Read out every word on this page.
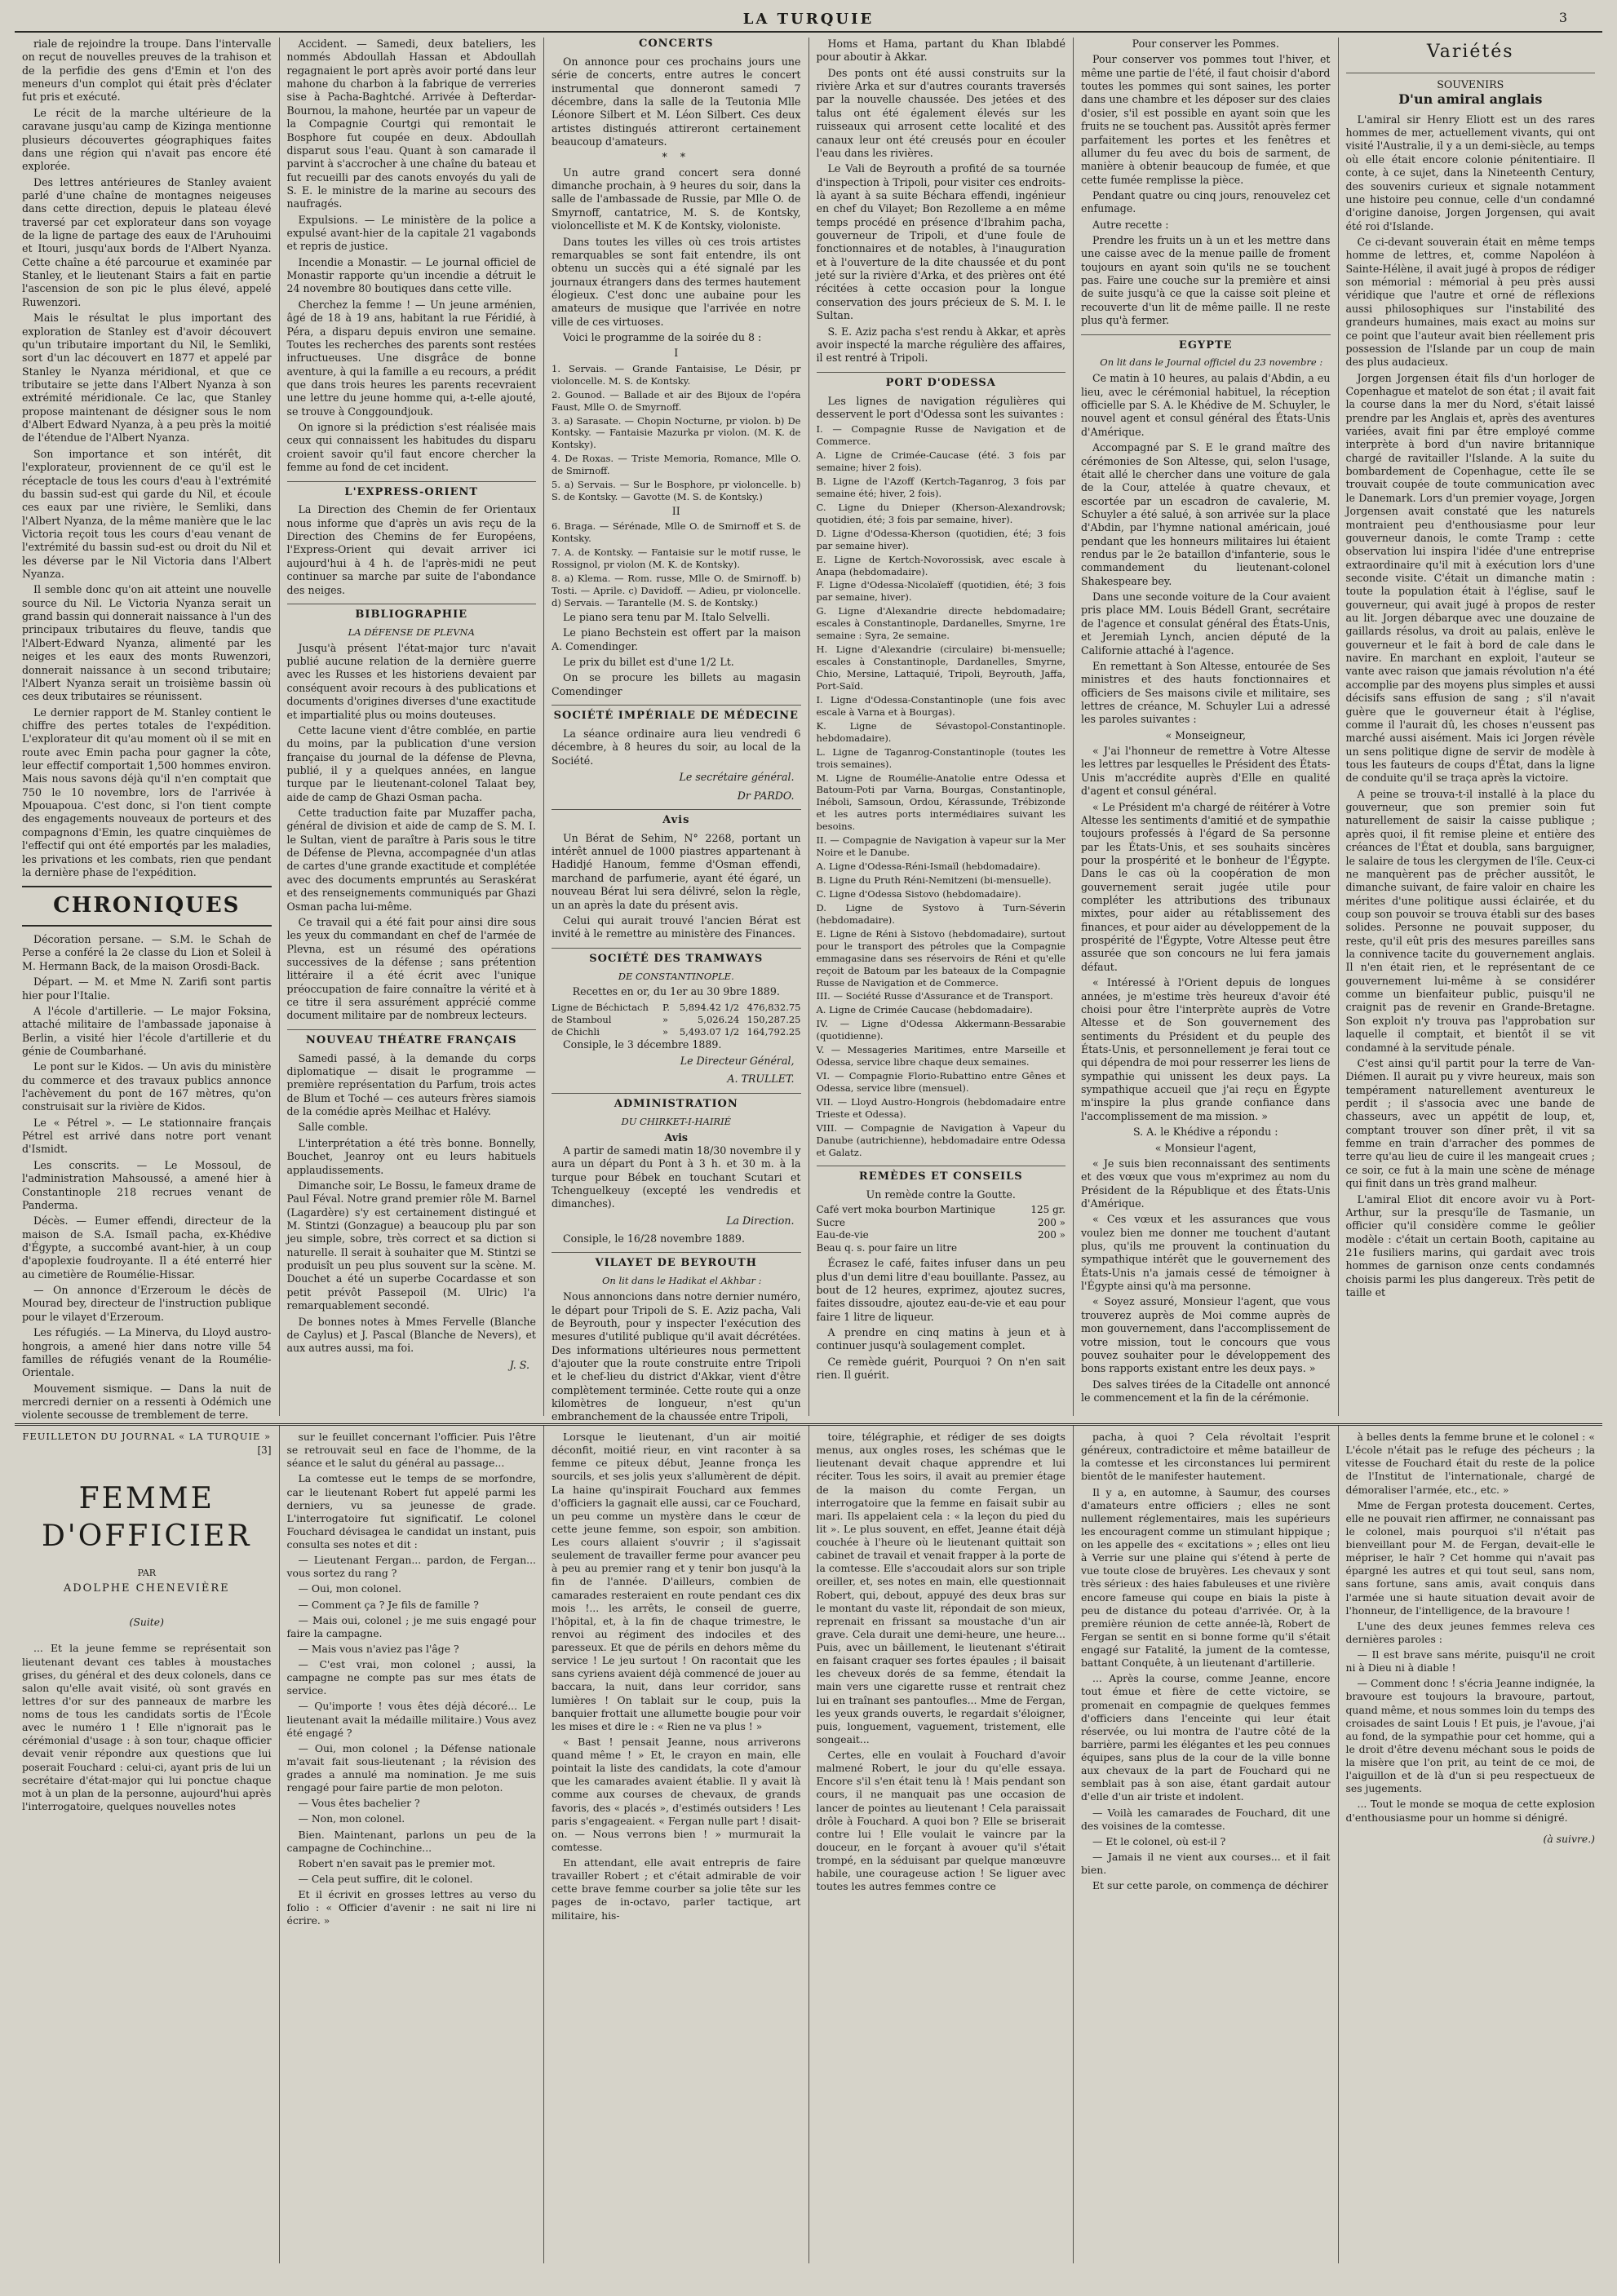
LA TURQUIE	3

riale de rejoindre la troupe. Dans l'intervalle on reçut de nouvelles preuves de la trahison et de la perfidie des gens d'Emin et l'on des meneurs d'un complot qui était près d'éclater fut pris et exécuté.

Le récit de la marche ultérieure de la caravane jusqu'au camp de Kizinga mentionne plusieurs découvertes géographiques faites dans une région qui n'avait pas encore été explorée.

Des lettres antérieures de Stanley avaient parlé d'une chaîne de montagnes neigeuses dans cette direction, depuis le plateau élevé traversé par cet explorateur dans son voyage de la ligne de partage des eaux de l'Aruhouimi et Itouri, jusqu'aux bords de l'Albert Nyanza. Cette chaîne a été parcourue et examinée par Stanley, et le lieutenant Stairs a fait en partie l'ascension de son pic le plus élevé, appelé Ruwenzori.

Mais le résultat le plus important des exploration de Stanley est d'avoir découvert qu'un tributaire important du Nil, le Semliki, sort d'un lac découvert en 1877 et appelé par Stanley le Nyanza méridional, et que ce tributaire se jette dans l'Albert Nyanza à son extrémité méridionale. Ce lac, que Stanley propose maintenant de désigner sous le nom d'Albert Edward Nyanza, à a peu près la moitié de l'étendue de l'Albert Nyanza.

Son importance et son intérêt, dit l'explorateur, proviennent de ce qu'il est le réceptacle de tous les cours d'eau à l'extrémité du bassin sud-est qui garde du Nil, et écoule ces eaux par une rivière, le Semliki, dans l'Albert Nyanza, de la même manière que le lac Victoria reçoit tous les cours d'eau venant de l'extrémité du bassin sud-est ou droit du Nil et les déverse par le Nil Victoria dans l'Albert Nyanza.

Il semble donc qu'on ait atteint une nouvelle source du Nil. Le Victoria Nyanza serait un grand bassin qui donnerait naissance à l'un des principaux tributaires du fleuve, tandis que l'Albert-Edward Nyanza, alimenté par les neiges et les eaux des monts Ruwenzori, donnerait naissance à un second tributaire; l'Albert Nyanza serait un troisième bassin où ces deux tributaires se réunissent.

Le dernier rapport de M. Stanley contient le chiffre des pertes totales de l'expédition. L'explorateur dit qu'au moment où il se mit en route avec Emin pacha pour gagner la côte, leur effectif comportait 1,500 hommes environ. Mais nous savons déjà qu'il n'en comptait que 750 le 10 novembre, lors de l'arrivée à Mpouapoua. C'est donc, si l'on tient compte des engagements nouveaux de porteurs et des compagnons d'Emin, les quatre cinquièmes de l'effectif qui ont été emportés par les maladies, les privations et les combats, rien que pendant la dernière phase de l'expédition.

CHRONIQUES

Décoration persane. — S.M. le Schah de Perse a conféré la 2e classe du Lion et Soleil à M. Hermann Back, de la maison Orosdi-Back.

Départ. — M. et Mme N. Zarifi sont partis hier pour l'Italie.

A l'école d'artillerie. — Le major Foksina, attaché militaire de l'ambassade japonaise à Berlin, a visité hier l'école d'artillerie et du génie de Coumbarhané.

Le pont sur le Kidos. — Un avis du ministère du commerce et des travaux publics annonce l'achèvement du pont de 167 mètres, qu'on construisait sur la rivière de Kidos.

Le « Pétrel ». — Le stationnaire français Pétrel est arrivé dans notre port venant d'Ismidt.

Les conscrits. — Le Mossoul, de l'administration Mahsoussé, a amené hier à Constantinople 218 recrues venant de Panderma.

Décès. — Eumer effendi, directeur de la maison de S.A. Ismaïl pacha, ex-Khédive d'Égypte, a succombé avant-hier, à un coup d'apoplexie foudroyante. Il a été enterré hier au cimetière de Roumélie-Hissar.

— On annonce d'Erzeroum le décès de Mourad bey, directeur de l'instruction publique pour le vilayet d'Erzeroum.

Les réfugiés. — La Minerva, du Lloyd austro-hongrois, a amené hier dans notre ville 54 familles de réfugiés venant de la Roumélie-Orientale.

Mouvement sismique. — Dans la nuit de mercredi dernier on a ressenti à Odémich une violente secousse de tremblement de terre.

Accident. — Samedi, deux bateliers, les nommés Abdoullah Hassan et Abdoullah regagnaient le port après avoir porté dans leur mahone du charbon à la fabrique de verreries sise à Pacha-Baghtché. Arrivée à Defterdar-Bournou, la mahone, heurtée par un vapeur de la Compagnie Courtgi qui remontait le Bosphore fut coupée en deux. Abdoullah disparut sous l'eau. Quant à son camarade il parvint à s'accrocher à une chaîne du bateau et fut recueilli par des canots envoyés du yali de S. E. le ministre de la marine au secours des naufragés.

Expulsions. — Le ministère de la police a expulsé avant-hier de la capitale 21 vagabonds et repris de justice.

Incendie a Monastir. — Le journal officiel de Monastir rapporte qu'un incendie a détruit le 24 novembre 80 boutiques dans cette ville.

Cherchez la femme ! — Un jeune arménien, âgé de 18 à 19 ans, habitant la rue Féridié, à Péra, a disparu depuis environ une semaine. Toutes les recherches des parents sont restées infructueuses. Une disgrâce de bonne aventure, à qui la famille a eu recours, a prédit que dans trois heures les parents recevraient une lettre du jeune homme qui, a-t-elle ajouté, se trouve à Conggoundjouk.

On ignore si la prédiction s'est réalisée mais ceux qui connaissent les habitudes du disparu croient savoir qu'il faut encore chercher la femme au fond de cet incident.

L'EXPRESS-ORIENT

La Direction des Chemin de fer Orientaux nous informe que d'après un avis reçu de la Direction des Chemins de fer Européens, l'Express-Orient qui devait arriver ici aujourd'hui à 4 h. de l'après-midi ne peut continuer sa marche par suite de l'abondance des neiges.

BIBLIOGRAPHIE
LA DÉFENSE DE PLEVNA

Jusqu'à présent l'état-major turc n'avait publié aucune relation de la dernière guerre avec les Russes et les historiens devaient par conséquent avoir recours à des publications et documents d'origines diverses d'une exactitude et impartialité plus ou moins douteuses.

Cette lacune vient d'être comblée, en partie du moins, par la publication d'une version française du journal de la défense de Plevna, publié, il y a quelques années, en langue turque par le lieutenant-colonel Talaat bey, aide de camp de Ghazi Osman pacha.

Cette traduction faite par Muzaffer pacha, général de division et aide de camp de S. M. I. le Sultan, vient de paraître à Paris sous le titre de Défense de Plevna, accompagnée d'un atlas de cartes d'une grande exactitude et complétée avec des documents empruntés au Seraskérat et des renseignements communiqués par Ghazi Osman pacha lui-même.

Ce travail qui a été fait pour ainsi dire sous les yeux du commandant en chef de l'armée de Plevna, est un résumé des opérations successives de la défense ; sans prétention littéraire il a été écrit avec l'unique préoccupation de faire connaître la vérité et à ce titre il sera assurément apprécié comme document militaire par de nombreux lecteurs.

NOUVEAU THÉATRE FRANÇAIS

Samedi passé, à la demande du corps diplomatique — disait le programme — première représentation du Parfum, trois actes de Blum et Toché — ces auteurs frères siamois de la comédie après Meilhac et Halévy.

Salle comble.

L'interprétation a été très bonne. Bonnelly, Bouchet, Jeanroy ont eu leurs habituels applaudissements.

Dimanche soir, Le Bossu, le fameux drame de Paul Féval. Notre grand premier rôle M. Barnel (Lagardère) s'y est certainement distingué et M. Stintzi (Gonzague) a beaucoup plu par son jeu simple, sobre, très correct et sa diction si naturelle. Il serait à souhaiter que M. Stintzi se produisît un peu plus souvent sur la scène. M. Douchet a été un superbe Cocardasse et son petit prévôt Passepoil (M. Ulric) l'a remarquablement secondé.

De bonnes notes à Mmes Fervelle (Blanche de Caylus) et J. Pascal (Blanche de Nevers), et aux autres aussi, ma foi.

J. S.

CONCERTS

On annonce pour ces prochains jours une série de concerts, entre autres le concert instrumental que donneront samedi 7 décembre, dans la salle de la Teutonia Mlle Léonore Silbert et M. Léon Silbert. Ces deux artistes distingués attireront certainement beaucoup d'amateurs.

* *

Un autre grand concert sera donné dimanche prochain, à 9 heures du soir, dans la salle de l'ambassade de Russie, par Mlle O. de Smyrnoff, cantatrice, M. S. de Kontsky, violoncelliste et M. K de Kontsky, violoniste.

Dans toutes les villes où ces trois artistes remarquables se sont fait entendre, ils ont obtenu un succès qui a été signalé par les journaux étrangers dans des termes hautement élogieux. C'est donc une aubaine pour les amateurs de musique que l'arrivée en notre ville de ces virtuoses.

Voici le programme de la soirée du 8 :

I

1. Servais. — Grande Fantaisise, Le Désir, pr violoncelle. M. S. de Kontsky.

2. Gounod. — Ballade et air des Bijoux de l'opéra Faust, Mlle O. de Smyrnoff.

3. a) Sarasate. — Chopin Nocturne, pr violon. b) De Kontsky. — Fantaisie Mazurka pr violon. (M. K. de Kontsky).

4. De Roxas. — Triste Memoria, Romance, Mlle O. de Smirnoff.

5. a) Servais. — Sur le Bosphore, pr violoncelle. b) S. de Kontsky. — Gavotte (M. S. de Kontsky.)

II

6. Braga. — Sérénade, Mlle O. de Smirnoff et S. de Kontsky.

7. A. de Kontsky. — Fantaisie sur le motif russe, le Rossignol, pr violon (M. K. de Kontsky).

8. a) Klema. — Rom. russe, Mlle O. de Smirnoff. b) Tosti. — Aprile. c) Davidoff. — Adieu, pr violoncelle. d) Servais. — Tarantelle (M. S. de Kontsky.)

Le piano sera tenu par M. Italo Selvelli.

Le piano Bechstein est offert par la maison A. Comendinger.

Le prix du billet est d'une 1/2 Lt.

On se procure les billets au magasin Comendinger

SOCIÉTÉ IMPÉRIALE DE MÉDECINE

La séance ordinaire aura lieu vendredi 6 décembre, à 8 heures du soir, au local de la Société.

Le secrétaire général.

Dr PARDO.

Avis

Un Bérat de Sehim, N° 2268, portant un intérêt annuel de 1000 piastres appartenant à Hadidjé Hanoum, femme d'Osman effendi, marchand de parfumerie, ayant été égaré, un nouveau Bérat lui sera délivré, selon la règle, un an après la date du présent avis.

Celui qui aurait trouvé l'ancien Bérat est invité à le remettre au ministère des Finances.

SOCIÉTÉ DES TRAMWAYS
DE CONSTANTINOPLE.

Recettes en or, du 1er au 30 9bre 1889.

Ligne de Béchictach	P.	5,894.42 1/2	476,832.75
de Stamboul	»	5,026.24	150,287.25
de Chichli	»	5,493.07 1/2	164,792.25

Consiple, le 3 décembre 1889.

Le Directeur Général,

A. TRULLET.

ADMINISTRATION
DU CHIRKET-I-HAIRIÉ
Avis

A partir de samedi matin 18/30 novembre il y aura un départ du Pont à 3 h. et 30 m. à la turque pour Bébek en touchant Scutari et Tchenguelkeuy (excepté les vendredis et dimanches).

La Direction.

Consiple, le 16/28 novembre 1889.

VILAYET DE BEYROUTH

On lit dans le Hadikat el Akhbar :

Nous annoncions dans notre dernier numéro, le départ pour Tripoli de S. E. Aziz pacha, Vali de Beyrouth, pour y inspecter l'exécution des mesures d'utilité publique qu'il avait décrétées. Des informations ultérieures nous permettent d'ajouter que la route construite entre Tripoli et le chef-lieu du district d'Akkar, vient d'être complètement terminée. Cette route qui a onze kilomètres de longueur, n'est qu'un embranchement de la chaussée entre Tripoli,

Homs et Hama, partant du Khan Iblabdé pour aboutir à Akkar.

Des ponts ont été aussi construits sur la rivière Arka et sur d'autres courants traversés par la nouvelle chaussée. Des jetées et des talus ont été également élevés sur les ruisseaux qui arrosent cette localité et des canaux leur ont été creusés pour en écouler l'eau dans les rivières.

Le Vali de Beyrouth a profité de sa tournée d'inspection à Tripoli, pour visiter ces endroits-là ayant à sa suite Béchara effendi, ingénieur en chef du Vilayet; Bon Rezolleme a en même temps procédé en présence d'Ibrahim pacha, gouverneur de Tripoli, et d'une foule de fonctionnaires et de notables, à l'inauguration et à l'ouverture de la dite chaussée et du pont jeté sur la rivière d'Arka, et des prières ont été récitées à cette occasion pour la longue conservation des jours précieux de S. M. I. le Sultan.

S. E. Aziz pacha s'est rendu à Akkar, et après avoir inspecté la marche régulière des affaires, il est rentré à Tripoli.

PORT D'ODESSA

Les lignes de navigation régulières qui desservent le port d'Odessa sont les suivantes :

I. — Compagnie Russe de Navigation et de Commerce.

A. Ligne de Crimée-Caucase (été. 3 fois par semaine; hiver 2 fois).

B. Ligne de l'Azoff (Kertch-Taganrog, 3 fois par semaine été; hiver, 2 fois).

C. Ligne du Dnieper (Kherson-Alexandrovsk; quotidien, été; 3 fois par semaine, hiver).

D. Ligne d'Odessa-Kherson (quotidien, été; 3 fois par semaine hiver).

E. Ligne de Kertch-Novorossisk, avec escale à Anapa (hebdomadaire).

F. Ligne d'Odessa-Nicolaïeff (quotidien, été; 3 fois par semaine, hiver).

G. Ligne d'Alexandrie directe hebdomadaire; escales à Constantinople, Dardanelles, Smyrne, 1re semaine : Syra, 2e semaine.

H. Ligne d'Alexandrie (circulaire) bi-mensuelle; escales à Constantinople, Dardanelles, Smyrne, Chio, Mersine, Lattaquié, Tripoli, Beyrouth, Jaffa, Port-Saïd.

I. Ligne d'Odessa-Constantinople (une fois avec escale à Varna et à Bourgas).

K. Ligne de Sévastopol-Constantinople. hebdomadaire).

L. Ligne de Taganrog-Constantinople (toutes les trois semaines).

M. Ligne de Roumélie-Anatolie entre Odessa et Batoum-Poti par Varna, Bourgas, Constantinople, Inéboli, Samsoun, Ordou, Kérassunde, Trébizonde et les autres ports intermédiaires suivant les besoins.

II. — Compagnie de Navigation à vapeur sur la Mer Noire et le Danube.

A. Ligne d'Odessa-Réni-Ismaïl (hebdomadaire).

B. Ligne du Pruth Réni-Nemitzeni (bi-mensuelle).

C. Ligne d'Odessa Sistovo (hebdomadaire).

D. Ligne de Systovo à Turn-Séverin (hebdomadaire).

E. Ligne de Réni à Sistovo (hebdomadaire), surtout pour le transport des pétroles que la Compagnie emmagasine dans ses réservoirs de Réni et qu'elle reçoit de Batoum par les bateaux de la Compagnie Russe de Navigation et de Commerce.

III. — Société Russe d'Assurance et de Transport.

A. Ligne de Crimée Caucase (hebdomadaire).

IV. — Ligne d'Odessa Akkermann-Bessarabie (quotidienne).

V. — Messageries Maritimes, entre Marseille et Odessa, service libre chaque deux semaines.

VI. — Compagnie Florio-Rubattino entre Gênes et Odessa, service libre (mensuel).

VII. — Lloyd Austro-Hongrois (hebdomadaire entre Trieste et Odessa).

VIII. — Compagnie de Navigation à Vapeur du Danube (autrichienne), hebdomadaire entre Odessa et Galatz.

REMÈDES ET CONSEILS

Un remède contre la Goutte.

Café vert moka bourbon Martinique	125 gr.
Sucre	200 »
Eau-de-vie	200 »
Beau q. s. pour faire un litre	

Écrasez le café, faites infuser dans un peu plus d'un demi litre d'eau bouillante. Passez, au bout de 12 heures, exprimez, ajoutez sucres, faites dissoudre, ajoutez eau-de-vie et eau pour faire 1 litre de liqueur.

A prendre en cinq matins à jeun et à continuer jusqu'à soulagement complet.

Ce remède guérit, Pourquoi ? On n'en sait rien. Il guérit.

Pour conserver les Pommes.

Pour conserver vos pommes tout l'hiver, et même une partie de l'été, il faut choisir d'abord toutes les pommes qui sont saines, les porter dans une chambre et les déposer sur des claies d'osier, s'il est possible en ayant soin que les fruits ne se touchent pas. Aussitôt après fermer parfaitement les portes et les fenêtres et allumer du feu avec du bois de sarment, de manière à obtenir beaucoup de fumée, et que cette fumée remplisse la pièce.

Pendant quatre ou cinq jours, renouvelez cet enfumage.

Autre recette :

Prendre les fruits un à un et les mettre dans une caisse avec de la menue paille de froment toujours en ayant soin qu'ils ne se touchent pas. Faire une couche sur la première et ainsi de suite jusqu'à ce que la caisse soit pleine et recouverte d'un lit de même paille. Il ne reste plus qu'à fermer.

EGYPTE

On lit dans le Journal officiel du 23 novembre :

Ce matin à 10 heures, au palais d'Abdin, a eu lieu, avec le cérémonial habituel, la réception officielle par S. A. le Khédive de M. Schuyler, le nouvel agent et consul général des États-Unis d'Amérique.

Accompagné par S. E le grand maître des cérémonies de Son Altesse, qui, selon l'usage, était allé le chercher dans une voiture de gala de la Cour, attelée à quatre chevaux, et escortée par un escadron de cavalerie, M. Schuyler a été salué, à son arrivée sur la place d'Abdin, par l'hymne national américain, joué pendant que les honneurs militaires lui étaient rendus par le 2e bataillon d'infanterie, sous le commandement du lieutenant-colonel Shakespeare bey.

Dans une seconde voiture de la Cour avaient pris place MM. Louis Bédell Grant, secrétaire de l'agence et consulat général des États-Unis, et Jeremiah Lynch, ancien député de la Californie attaché à l'agence.

En remettant à Son Altesse, entourée de Ses ministres et des hauts fonctionnaires et officiers de Ses maisons civile et militaire, ses lettres de créance, M. Schuyler Lui a adressé les paroles suivantes :

« Monseigneur,

« J'ai l'honneur de remettre à Votre Altesse les lettres par lesquelles le Président des États-Unis m'accrédite auprès d'Elle en qualité d'agent et consul général.

« Le Président m'a chargé de réitérer à Votre Altesse les sentiments d'amitié et de sympathie toujours professés à l'égard de Sa personne par les États-Unis, et ses souhaits sincères pour la prospérité et le bonheur de l'Égypte. Dans le cas où la coopération de mon gouvernement serait jugée utile pour compléter les attributions des tribunaux mixtes, pour aider au rétablissement des finances, et pour aider au développement de la prospérité de l'Égypte, Votre Altesse peut être assurée que son concours ne lui fera jamais défaut.

« Intéressé à l'Orient depuis de longues années, je m'estime très heureux d'avoir été choisi pour être l'interprète auprès de Votre Altesse et de Son gouvernement des sentiments du Président et du peuple des États-Unis, et personnellement je ferai tout ce qui dépendra de moi pour resserrer les liens de sympathie qui unissent les deux pays. La sympathique accueil que j'ai reçu en Égypte m'inspire la plus grande confiance dans l'accomplissement de ma mission. »

S. A. le Khédive a répondu :

« Monsieur l'agent,

« Je suis bien reconnaissant des sentiments et des vœux que vous m'exprimez au nom du Président de la République et des États-Unis d'Amérique.

« Ces vœux et les assurances que vous voulez bien me donner me touchent d'autant plus, qu'ils me prouvent la continuation du sympathique intérêt que le gouvernement des États-Unis n'a jamais cessé de témoigner à l'Égypte ainsi qu'à ma personne.

« Soyez assuré, Monsieur l'agent, que vous trouverez auprès de Moi comme auprès de mon gouvernement, dans l'accomplissement de votre mission, tout le concours que vous pouvez souhaiter pour le développement des bons rapports existant entre les deux pays. »

Des salves tirées de la Citadelle ont annoncé le commencement et la fin de la cérémonie.

Variétés
SOUVENIRS
D'un amiral anglais

L'amiral sir Henry Eliott est un des rares hommes de mer, actuellement vivants, qui ont visité l'Australie, il y a un demi-siècle, au temps où elle était encore colonie pénitentiaire. Il conte, à ce sujet, dans la Nineteenth Century, des souvenirs curieux et signale notamment une histoire peu connue, celle d'un condamné d'origine danoise, Jorgen Jorgensen, qui avait été roi d'Islande.

Ce ci-devant souverain était en même temps homme de lettres, et, comme Napoléon à Sainte-Hélène, il avait jugé à propos de rédiger son mémorial : mémorial à peu près aussi véridique que l'autre et orné de réflexions aussi philosophiques sur l'instabilité des grandeurs humaines, mais exact au moins sur ce point que l'auteur avait bien réellement pris possession de l'Islande par un coup de main des plus audacieux.

Jorgen Jorgensen était fils d'un horloger de Copenhague et matelot de son état ; il avait fait la course dans la mer du Nord, s'était laissé prendre par les Anglais et, après des aventures variées, avait fini par être employé comme interprète à bord d'un navire britannique chargé de ravitailler l'Islande. A la suite du bombardement de Copenhague, cette île se trouvait coupée de toute communication avec le Danemark. Lors d'un premier voyage, Jorgen Jorgensen avait constaté que les naturels montraient peu d'enthousiasme pour leur gouverneur danois, le comte Tramp : cette observation lui inspira l'idée d'une entreprise extraordinaire qu'il mit à exécution lors d'une seconde visite. C'était un dimanche matin : toute la population était à l'église, sauf le gouverneur, qui avait jugé à propos de rester au lit. Jorgen débarque avec une douzaine de gaillards résolus, va droit au palais, enlève le gouverneur et le fait à bord de cale dans le navire. En marchant en exploit, l'auteur se vante avec raison que jamais révolution n'a été accomplie par des moyens plus simples et aussi décisifs sans effusion de sang ; s'il n'avait guère que le gouverneur était à l'église, comme il l'aurait dû, les choses n'eussent pas marché aussi aisément. Mais ici Jorgen révèle un sens politique digne de servir de modèle à tous les fauteurs de coups d'État, dans la ligne de conduite qu'il se traça après la victoire.

A peine se trouva-t-il installé à la place du gouverneur, que son premier soin fut naturellement de saisir la caisse publique ; après quoi, il fit remise pleine et entière des créances de l'État et doubla, sans barguigner, le salaire de tous les clergymen de l'île. Ceux-ci ne manquèrent pas de prêcher aussitôt, le dimanche suivant, de faire valoir en chaire les mérites d'une politique aussi éclairée, et du coup son pouvoir se trouva établi sur des bases solides. Personne ne pouvait supposer, du reste, qu'il eût pris des mesures pareilles sans la connivence tacite du gouvernement anglais. Il n'en était rien, et le représentant de ce gouvernement lui-même à se considérer comme un bienfaiteur public, puisqu'il ne craignit pas de revenir en Grande-Bretagne. Son exploit n'y trouva pas l'approbation sur laquelle il comptait, et bientôt il se vit condamné à la servitude pénale.

C'est ainsi qu'il partit pour la terre de Van-Diémen. Il aurait pu y vivre heureux, mais son tempérament naturellement aventureux le perdit ; il s'associa avec une bande de chasseurs, avec un appétit de loup, et, comptant trouver son dîner prêt, il vit sa femme en train d'arracher des pommes de terre qu'au lieu de cuire il les mangeait crues ; ce soir, ce fut à la main une scène de ménage qui finit dans un très grand malheur.

L'amiral Eliot dit encore avoir vu à Port-Arthur, sur la presqu'île de Tasmanie, un officier qu'il considère comme le geôlier modèle : c'était un certain Booth, capitaine au 21e fusiliers marins, qui gardait avec trois hommes de garnison onze cents condamnés choisis parmi les plus dangereux. Très petit de taille et

FEUILLETON DU JOURNAL « LA TURQUIE »
[3]
FEMME D'OFFICIER
PAR
ADOLPHE CHENEVIÈRE
(Suite)

... Et la jeune femme se représentait son lieutenant devant ces tables à moustaches grises, du général et des deux colonels, dans ce salon qu'elle avait visité, où sont gravés en lettres d'or sur des panneaux de marbre les noms de tous les candidats sortis de l'École avec le numéro 1 ! Elle n'ignorait pas le cérémonial d'usage : à son tour, chaque officier devait venir répondre aux questions que lui poserait Fouchard : celui-ci, ayant pris de lui un secrétaire d'état-major qui lui ponctue chaque mot à un plan de la personne, aujourd'hui après l'interrogatoire, quelques nouvelles notes

sur le feuillet concernant l'officier. Puis l'être se retrouvait seul en face de l'homme, de la séance et le salut du général au passage...

La comtesse eut le temps de se morfondre, car le lieutenant Robert fut appelé parmi les derniers, vu sa jeunesse de grade. L'interrogatoire fut significatif. Le colonel Fouchard dévisagea le candidat un instant, puis consulta ses notes et dit :

— Lieutenant Fergan... pardon, de Fergan... vous sortez du rang ?

— Oui, mon colonel.

— Comment ça ? Je fils de famille ?

— Mais oui, colonel ; je me suis engagé pour faire la campagne.

— Mais vous n'aviez pas l'âge ?

— C'est vrai, mon colonel ; aussi, la campagne ne compte pas sur mes états de service.

— Qu'importe ! vous êtes déjà décoré... Le lieutenant avait la médaille militaire.) Vous avez été engagé ?

— Oui, mon colonel ; la Défense nationale m'avait fait sous-lieutenant ; la révision des grades a annulé ma nomination. Je me suis rengagé pour faire partie de mon peloton.

— Vous êtes bachelier ?

— Non, mon colonel.

Bien. Maintenant, parlons un peu de la campagne de Cochinchine...

Robert n'en savait pas le premier mot.

— Cela peut suffire, dit le colonel.

Et il écrivit en grosses lettres au verso du folio : « Officier d'avenir : ne sait ni lire ni écrire. »

Lorsque le lieutenant, d'un air moitié déconfit, moitié rieur, en vint raconter à sa femme ce piteux début, Jeanne fronça les sourcils, et ses jolis yeux s'allumèrent de dépit. La haine qu'inspirait Fouchard aux femmes d'officiers la gagnait elle aussi, car ce Fouchard, un peu comme un mystère dans le cœur de cette jeune femme, son espoir, son ambition. Les cours allaient s'ouvrir ; il s'agissait seulement de travailler ferme pour avancer peu à peu au premier rang et y tenir bon jusqu'à la fin de l'année. D'ailleurs, combien de camarades resteraient en route pendant ces dix mois !... les arrêts, le conseil de guerre, l'hôpital, et, à la fin de chaque trimestre, le renvoi au régiment des indociles et des paresseux. Et que de périls en dehors même du service ! Le jeu surtout ! On racontait que les sans cyriens avaient déjà commencé de jouer au baccara, la nuit, dans leur corridor, sans lumières ! On tablait sur le coup, puis la banquier frottait une allumette bougie pour voir les mises et dire le : « Rien ne va plus ! »

« Bast ! pensait Jeanne, nous arriverons quand même ! » Et, le crayon en main, elle pointait la liste des candidats, la cote d'amour que les camarades avaient établie. Il y avait là comme aux courses de chevaux, de grands favoris, des « placés », d'estimés outsiders ! Les paris s'engageaient. « Fergan nulle part ! disait-on. — Nous verrons bien ! » murmurait la comtesse.

En attendant, elle avait entrepris de faire travailler Robert ; et c'était admirable de voir cette brave femme courber sa jolie tête sur les pages de in-octavo, parler tactique, art militaire, his-

toire, télégraphie, et rédiger de ses doigts menus, aux ongles roses, les schémas que le lieutenant devait chaque apprendre et lui réciter. Tous les soirs, il avait au premier étage de la maison du comte Fergan, un interrogatoire que la femme en faisait subir au mari. Ils appelaient cela : « la leçon du pied du lit ». Le plus souvent, en effet, Jeanne était déjà couchée à l'heure où le lieutenant quittait son cabinet de travail et venait frapper à la porte de la comtesse. Elle s'accoudait alors sur son triple oreiller, et, ses notes en main, elle questionnait Robert, qui, debout, appuyé des deux bras sur le montant du vaste lit, répondait de son mieux, reprenait en frissant sa moustache d'un air grave. Cela durait une demi-heure, une heure... Puis, avec un bâillement, le lieutenant s'étirait en faisant craquer ses fortes épaules ; il baisait les cheveux dorés de sa femme, étendait la main vers une cigarette russe et rentrait chez lui en traînant ses pantoufles... Mme de Fergan, les yeux grands ouverts, le regardait s'éloigner, puis, longuement, vaguement, tristement, elle songeait...

Certes, elle en voulait à Fouchard d'avoir malmené Robert, le jour du qu'elle essaya. Encore s'il s'en était tenu là ! Mais pendant son cours, il ne manquait pas une occasion de lancer de pointes au lieutenant ! Cela paraissait drôle à Fouchard. A quoi bon ? Elle se briserait contre lui ! Elle voulait le vaincre par la douceur, en le forçant à avouer qu'il s'était trompé, en la séduisant par quelque manœuvre habile, une courageuse action ! Se liguer avec toutes les autres femmes contre ce

pacha, à quoi ? Cela révoltait l'esprit généreux, contradictoire et même batailleur de la comtesse et les circonstances lui permirent bientôt de le manifester hautement.

Il y a, en automne, à Saumur, des courses d'amateurs entre officiers ; elles ne sont nullement réglementaires, mais les supérieurs les encouragent comme un stimulant hippique ; on les appelle des « excitations » ; elles ont lieu à Verrie sur une plaine qui s'étend à perte de vue toute close de bruyères. Les chevaux y sont très sérieux : des haies fabuleuses et une rivière encore fameuse qui coupe en biais la piste à peu de distance du poteau d'arrivée. Or, à la première réunion de cette année-là, Robert de Fergan se sentit en si bonne forme qu'il s'était engagé sur Fatalité, la jument de la comtesse, battant Conquête, à un lieutenant d'artillerie.

... Après la course, comme Jeanne, encore tout émue et fière de cette victoire, se promenait en compagnie de quelques femmes d'officiers dans l'enceinte qui leur était réservée, ou lui montra de l'autre côté de la barrière, parmi les élégantes et les peu connues équipes, sans plus de la cour de la ville bonne aux chevaux de la part de Fouchard qui ne semblait pas à son aise, étant gardait autour d'elle d'un air triste et indolent.

— Voilà les camarades de Fouchard, dit une des voisines de la comtesse.

— Et le colonel, où est-il ?

— Jamais il ne vient aux courses... et il fait bien.

Et sur cette parole, on commença de déchirer

à belles dents la femme brune et le colonel : « L'école n'était pas le refuge des pécheurs ; la vitesse de Fouchard était du reste de la police de l'Institut de l'internationale, chargé de démoraliser l'armée, etc., etc. »

Mme de Fergan protesta doucement. Certes, elle ne pouvait rien affirmer, ne connaissant pas le colonel, mais pourquoi s'il n'était pas bienveillant pour M. de Fergan, devait-elle le mépriser, le haïr ? Cet homme qui n'avait pas épargné les autres et qui tout seul, sans nom, sans fortune, sans amis, avait conquis dans l'armée une si haute situation devait avoir de l'honneur, de l'intelligence, de la bravoure !

L'une des deux jeunes femmes releva ces dernières paroles :

— Il est brave sans mérite, puisqu'il ne croit ni à Dieu ni à diable !

— Comment donc ! s'écria Jeanne indignée, la bravoure est toujours la bravoure, partout, quand même, et nous sommes loin du temps des croisades de saint Louis ! Et puis, je l'avoue, j'ai au fond, de la sympathie pour cet homme, qui a le droit d'être devenu méchant sous le poids de la misère que l'on prit, au teint de ce moi, de l'aiguillon et de là d'un si peu respectueux de ses jugements.

... Tout le monde se moqua de cette explosion d'enthousiasme pour un homme si dénigré.

(à suivre.)
